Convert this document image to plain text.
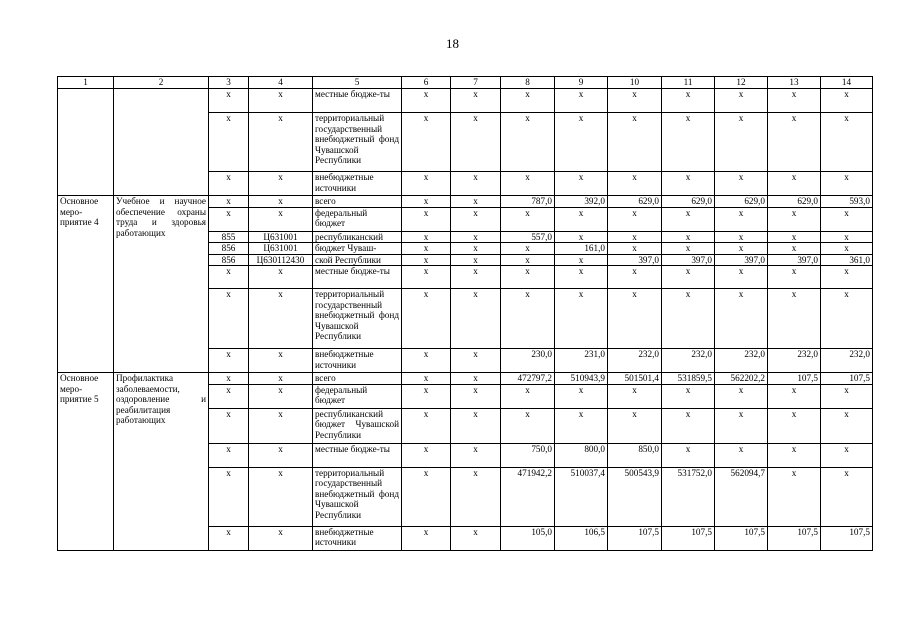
18
1	2	3	4	5	6	7	8	9	10	11	12	13	14
		x	x	местные бюдже-ты	x	x	x	x	x	x	x	x	x
		x	x	территориальный государственный внебюджетный фонд Чувашской Республики	x	x	x	x	x	x	x	x	x
		x	x	внебюджетные источники	x	x	x	x	x	x	x	x	x
Основное меро-приятие 4	Учебное и научное обеспечение охраны труда и здоровья работающих	x	x	всего	x	x	787,0	392,0	629,0	629,0	629,0	629,0	593,0
		x	x	федеральный бюджет	x	x	x	x	x	x	x	x	x
		855	Ц631001	республиканский	x	x	557,0	x	x	x	x	x	x
		856	Ц631001	бюджет Чуваш-	x	x	x	161,0	x	x	x	x	x
		856	Ц630112430	ской Республики	x	x	x	x	397,0	397,0	397,0	397,0	361,0
		x	x	местные бюдже-ты	x	x	x	x	x	x	x	x	x
		x	x	территориальный государственный внебюджетный фонд Чувашской Республики	x	x	x	x	x	x	x	x	x
		x	x	внебюджетные источники	x	x	230,0	231,0	232,0	232,0	232,0	232,0	232,0
Основное меро-приятие 5	Профилактика заболеваемости, оздоровление и реабилитация работающих	x	x	всего	x	x	472797,2	510943,9	501501,4	531859,5	562202,2	107,5	107,5
		x	x	федеральный бюджет	x	x	x	x	x	x	x	x	x
		x	x	республиканский бюджет Чувашской Республики	x	x	x	x	x	x	x	x	x
		x	x	местные бюдже-ты	x	x	750,0	800,0	850,0	x	x	x	x
		x	x	территориальный государственный внебюджетный фонд Чувашской Республики	x	x	471942,2	510037,4	500543,9	531752,0	562094,7	x	x
		x	x	внебюджетные источники	x	x	105,0	106,5	107,5	107,5	107,5	107,5	107,5
